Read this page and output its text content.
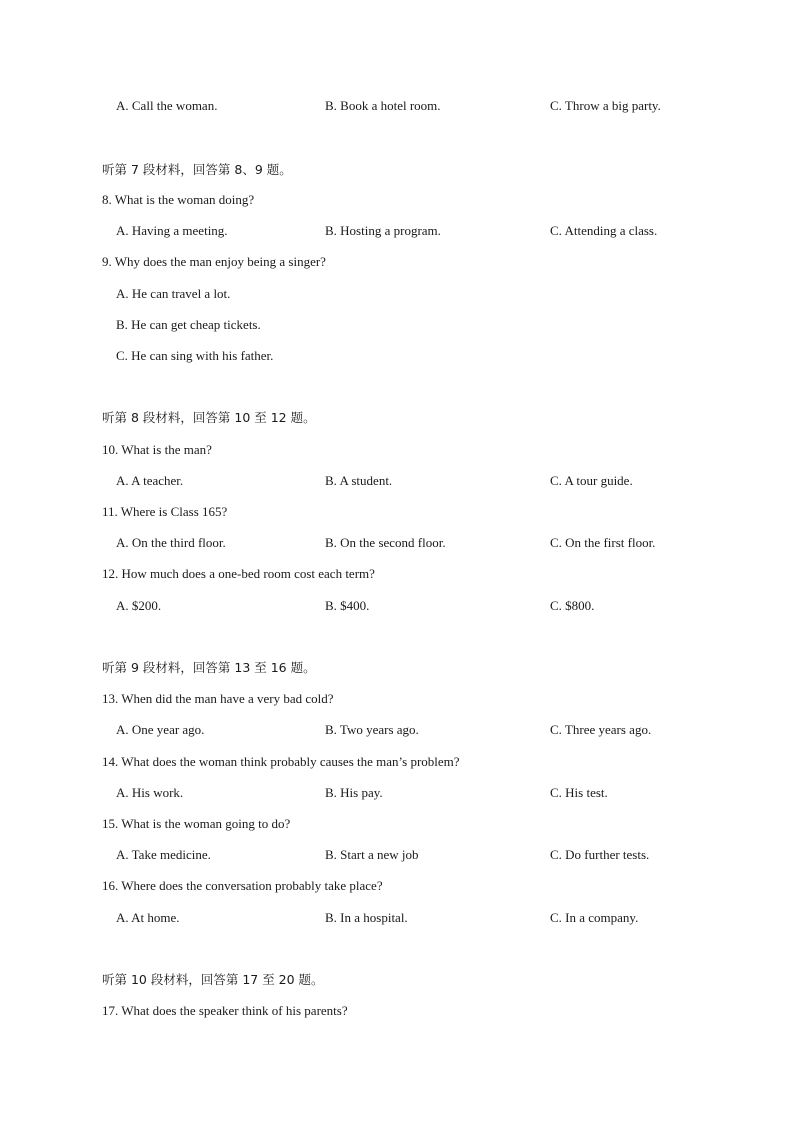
A. Call the woman.	B. Book a hotel room.	C. Throw a big party.
听第 7 段材料，回答第 8、9 题。
8. What is the woman doing?
A. Having a meeting.	B. Hosting a program.	C. Attending a class.
9. Why does the man enjoy being a singer?
A. He can travel a lot.
B. He can get cheap tickets.
C. He can sing with his father.
听第 8 段材料，回答第 10 至 12 题。
10. What is the man?
A. A teacher.	B. A student.	C. A tour guide.
11. Where is Class 165?
A. On the third floor.	B. On the second floor.	C. On the first floor.
12. How much does a one-bed room cost each term?
A. $200.	B. $400.	C. $800.
听第 9 段材料，回答第 13 至 16 题。
13. When did the man have a very bad cold?
A. One year ago.	B. Two years ago.	C. Three years ago.
14. What does the woman think probably causes the man’s problem?
A. His work.	B. His pay.	C. His test.
15. What is the woman going to do?
A. Take medicine.	B. Start a new job	C. Do further tests.
16. Where does the conversation probably take place?
A. At home.	B. In a hospital.	C. In a company.
听第 10 段材料，回答第 17 至 20 题。
17. What does the speaker think of his parents?
